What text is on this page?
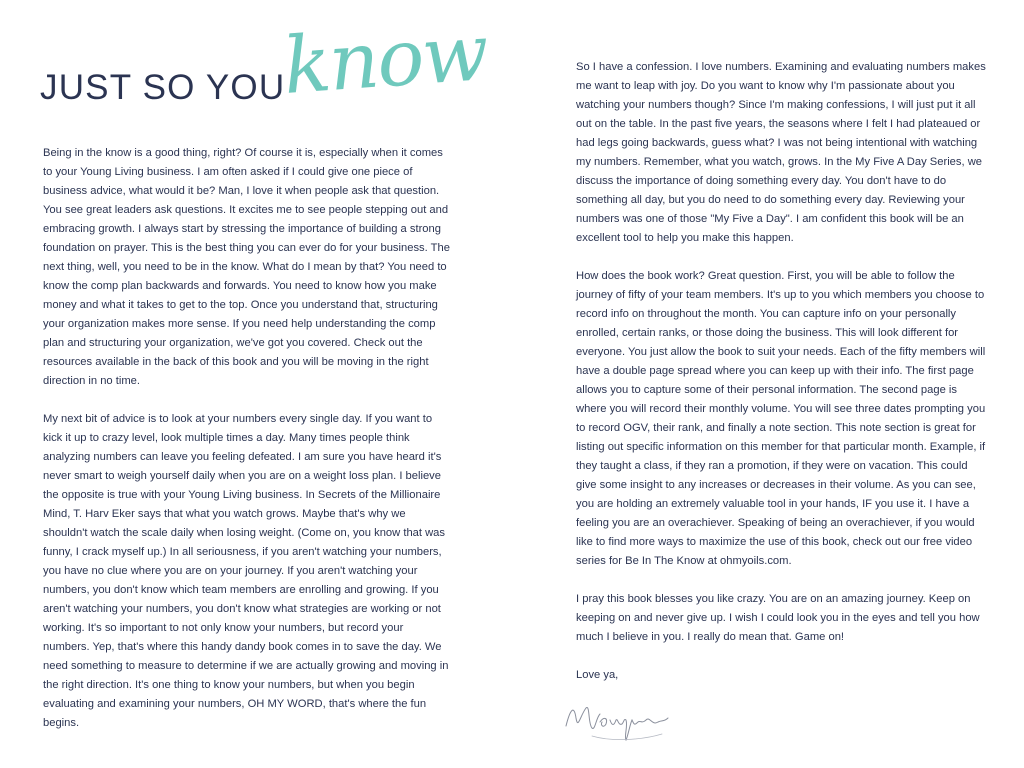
JUST SO YOU
know

Being in the know is a good thing, right? Of course it is, especially when it comes to your Young Living business. I am often asked if I could give one piece of business advice, what would it be? Man, I love it when people ask that question. You see great leaders ask questions. It excites me to see people stepping out and embracing growth. I always start by stressing the importance of building a strong foundation on prayer. This is the best thing you can ever do for your business. The next thing, well, you need to be in the know. What do I mean by that? You need to know the comp plan backwards and forwards. You need to know how you make money and what it takes to get to the top. Once you understand that, structuring your organization makes more sense. If you need help understanding the comp plan and structuring your organization, we've got you covered. Check out the resources available in the back of this book and you will be moving in the right direction in no time.

My next bit of advice is to look at your numbers every single day. If you want to kick it up to crazy level, look multiple times a day. Many times people think analyzing numbers can leave you feeling defeated. I am sure you have heard it's never smart to weigh yourself daily when you are on a weight loss plan. I believe the opposite is true with your Young Living business. In Secrets of the Millionaire Mind, T. Harv Eker says that what you watch grows. Maybe that's why we shouldn't watch the scale daily when losing weight. (Come on, you know that was funny, I crack myself up.) In all seriousness, if you aren't watching your numbers, you have no clue where you are on your journey. If you aren't watching your numbers, you don't know which team members are enrolling and growing. If you aren't watching your numbers, you don't know what strategies are working or not working. It's so important to not only know your numbers, but record your numbers. Yep, that's where this handy dandy book comes in to save the day. We need something to measure to determine if we are actually growing and moving in the right direction. It's one thing to know your numbers, but when you begin evaluating and examining your numbers, OH MY WORD, that's where the fun begins.

So I have a confession. I love numbers. Examining and evaluating numbers makes me want to leap with joy. Do you want to know why I'm passionate about you watching your numbers though? Since I'm making confessions, I will just put it all out on the table. In the past five years, the seasons where I felt I had plateaued or had legs going backwards, guess what? I was not being intentional with watching my numbers. Remember, what you watch, grows. In the My Five A Day Series, we discuss the importance of doing something every day. You don't have to do something all day, but you do need to do something every day. Reviewing your numbers was one of those "My Five a Day". I am confident this book will be an excellent tool to help you make this happen.

How does the book work? Great question. First, you will be able to follow the journey of fifty of your team members. It's up to you which members you choose to record info on throughout the month. You can capture info on your personally enrolled, certain ranks, or those doing the business. This will look different for everyone. You just allow the book to suit your needs. Each of the fifty members will have a double page spread where you can keep up with their info. The first page allows you to capture some of their personal information. The second page is where you will record their monthly volume. You will see three dates prompting you to record OGV, their rank, and finally a note section. This note section is great for listing out specific information on this member for that particular month. Example, if they taught a class, if they ran a promotion, if they were on vacation. This could give some insight to any increases or decreases in their volume. As you can see, you are holding an extremely valuable tool in your hands, IF you use it. I have a feeling you are an overachiever. Speaking of being an overachiever, if you would like to find more ways to maximize the use of this book, check out our free video series for Be In The Know at ohmyoils.com.

I pray this book blesses you like crazy. You are on an amazing journey. Keep on keeping on and never give up. I wish I could look you in the eyes and tell you how much I believe in you. I really do mean that. Game on!

Love ya,
